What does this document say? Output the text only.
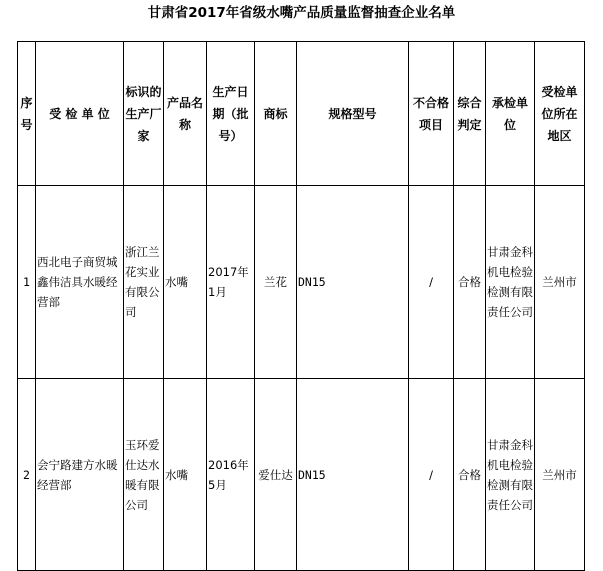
甘肃省2017年省级水嘴产品质量监督抽查企业名单
序号	受 检 单 位	标识的生产厂家	产品名称	生产日期（批号）	商标	规格型号	不合格项目	综合判定	承检单位	受检单位所在地区
1	西北电子商贸城鑫伟洁具水暖经营部	浙江兰花实业有限公司	水嘴	2017年1月	兰花	DN15	/	合格	甘肃金科机电检验检测有限责任公司	兰州市
2	会宁路建方水暖经营部	玉环爱仕达水暖有限公司	水嘴	2016年5月	爱仕达	DN15	/	合格	甘肃金科机电检验检测有限责任公司	兰州市
